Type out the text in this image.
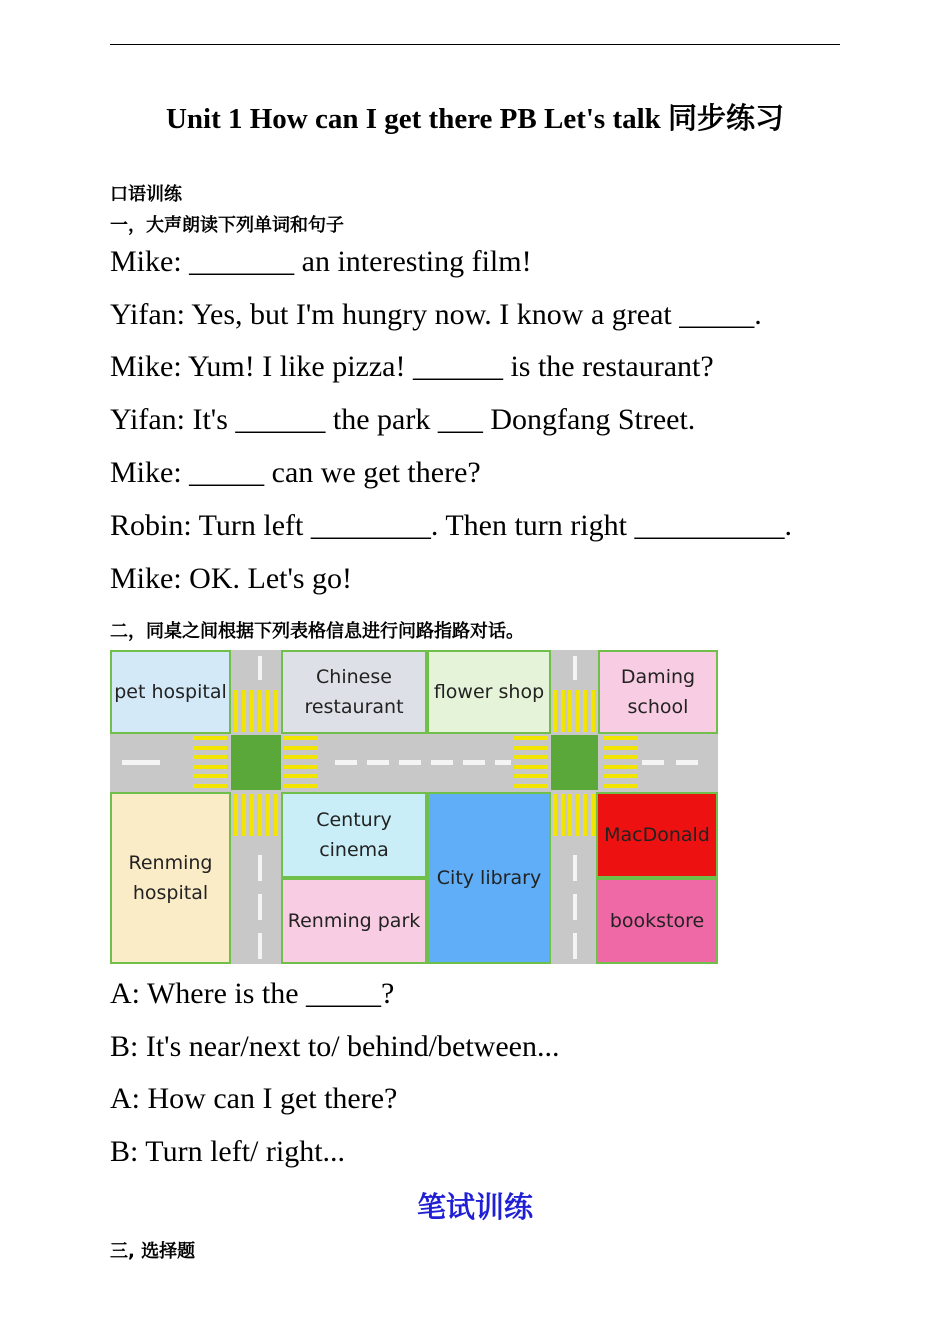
Unit 1 How can I get there PB Let's talk 同步练习
口语训练
一，大声朗读下列单词和句子
Mike: _______ an interesting film!
Yifan: Yes, but I'm hungry now. I know a great _____.
Mike: Yum! I like pizza! ______ is the restaurant?
Yifan: It's ______ the park ___ Dongfang Street.
Mike: _____ can we get there?
Robin: Turn left ________. Then turn right __________.
Mike: OK. Let's go!
二，同桌之间根据下列表格信息进行问路指路对话。
pet hospital
Chinese
restaurant
flower shop
Daming
school
Renming
hospital
Century
cinema
Renming park
City library
MacDonald
bookstore
A: Where is the _____?
B: It's near/next to/ behind/between...
A: How can I get there?
B: Turn left/ right...
笔试训练
三, 选择题
